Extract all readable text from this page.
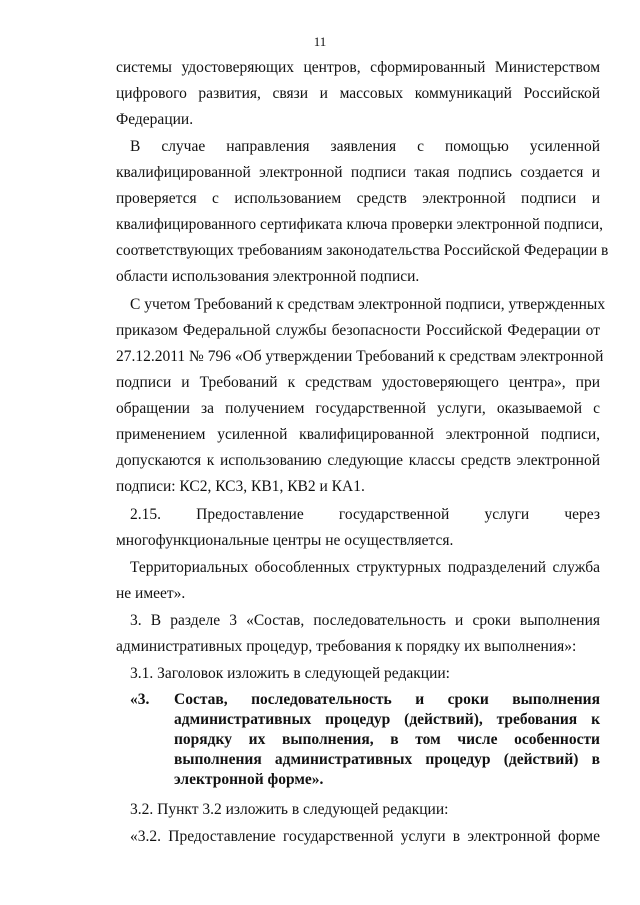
11
системы удостоверяющих центров, сформированный Министерством
цифрового развития, связи и массовых коммуникаций Российской
Федерации.
В случае направления заявления с помощью усиленной
квалифицированной электронной подписи такая подпись создается и
проверяется с использованием средств электронной подписи и
квалифицированного сертификата ключа проверки электронной подписи,
соответствующих требованиям законодательства Российской Федерации в
области использования электронной подписи.
С учетом Требований к средствам электронной подписи, утвержденных
приказом Федеральной службы безопасности Российской Федерации от
27.12.2011 № 796 «Об утверждении Требований к средствам электронной
подписи и Требований к средствам удостоверяющего центра», при
обращении за получением государственной услуги, оказываемой с
применением усиленной квалифицированной электронной подписи,
допускаются к использованию следующие классы средств электронной
подписи: КС2, КС3, КВ1, КВ2 и КА1.
2.15. Предоставление государственной услуги через
многофункциональные центры не осуществляется.
Территориальных обособленных структурных подразделений служба
не имеет».
3. В разделе 3 «Состав, последовательность и сроки выполнения
административных процедур, требования к порядку их выполнения»:
3.1. Заголовок изложить в следующей редакции:
«3.	Состав, последовательность и сроки выполнения
административных процедур (действий), требования к
порядку их выполнения, в том числе особенности
выполнения административных процедур (действий) в
электронной форме».
3.2. Пункт 3.2 изложить в следующей редакции:
«3.2. Предоставление государственной услуги в электронной форме
